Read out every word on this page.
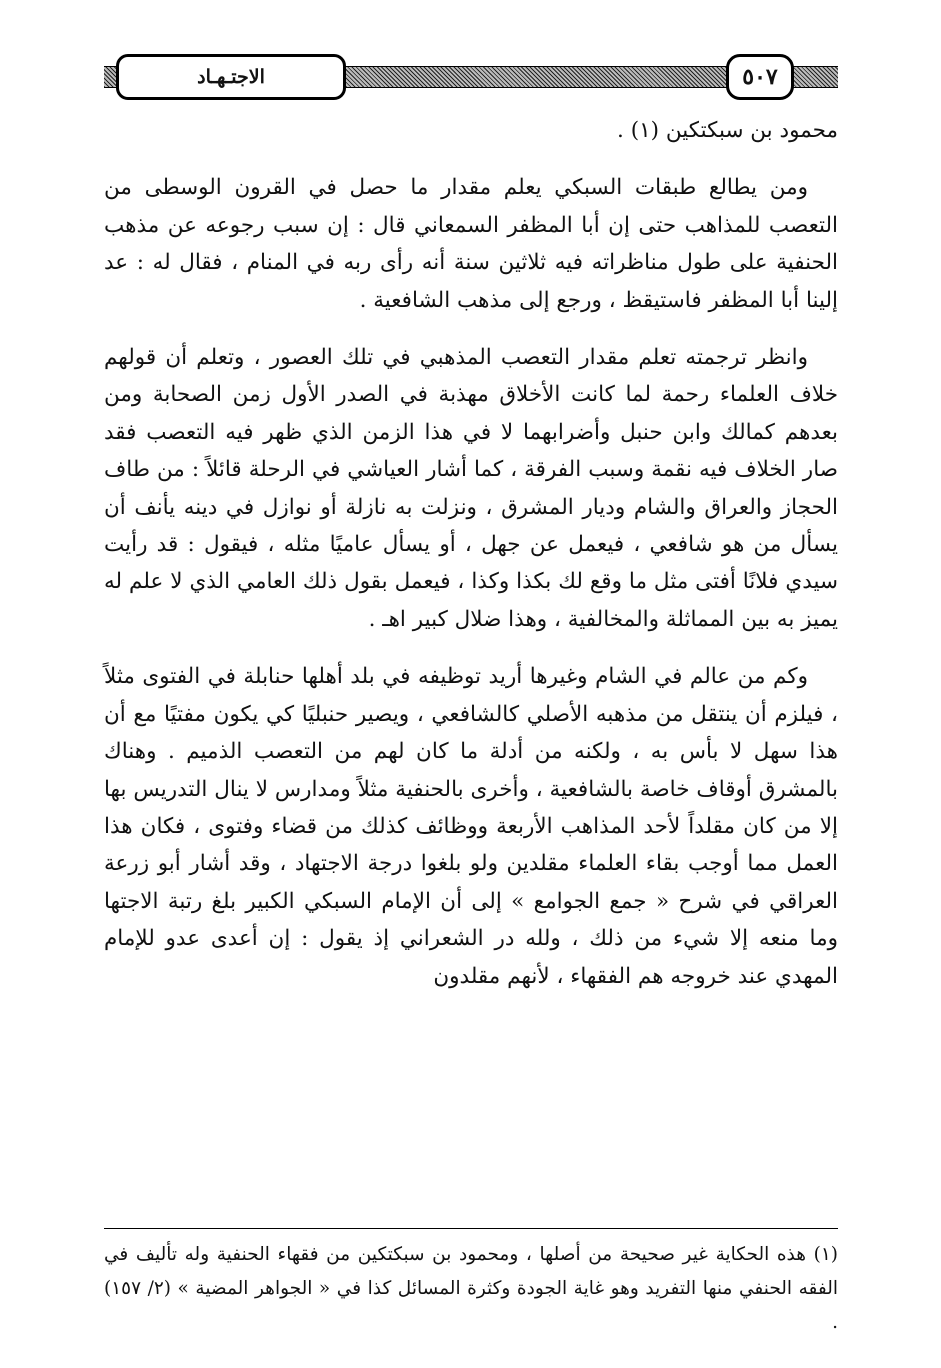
الاجتـهـاد	٥٠٧

محمود بن سبكتكين (١) .

ومن يطالع طبقات السبكي يعلم مقدار ما حصل في القرون الوسطى من التعصب للمذاهب حتى إن أبا المظفر السمعاني قال : إن سبب رجوعه عن مذهب الحنفية على طول مناظراته فيه ثلاثين سنة أنه رأى ربه في المنام ، فقال له : عد إلينا أبا المظفر فاستيقظ ، ورجع إلى مذهب الشافعية .

وانظر ترجمته تعلم مقدار التعصب المذهبي في تلك العصور ، وتعلم أن قولهم خلاف العلماء رحمة لما كانت الأخلاق مهذبة في الصدر الأول زمن الصحابة ومن بعدهم كمالك وابن حنبل وأضرابهما لا في هذا الزمن الذي ظهر فيه التعصب فقد صار الخلاف فيه نقمة وسبب الفرقة ، كما أشار العياشي في الرحلة قائلاً : من طاف الحجاز والعراق والشام وديار المشرق ، ونزلت به نازلة أو نوازل في دينه يأنف أن يسأل من هو شافعي ، فيعمل عن جهل ، أو يسأل عاميًا مثله ، فيقول : قد رأيت سيدي فلانًا أفتى مثل ما وقع لك بكذا وكذا ، فيعمل بقول ذلك العامي الذي لا علم له يميز به بين المماثلة والمخالفية ، وهذا ضلال كبير اهـ .

وكم من عالم في الشام وغيرها أريد توظيفه في بلد أهلها حنابلة في الفتوى مثلاً ، فيلزم أن ينتقل من مذهبه الأصلي كالشافعي ، ويصير حنبليًا كي يكون مفتيًا مع أن هذا سهل لا بأس به ، ولكنه من أدلة ما كان لهم من التعصب الذميم . وهناك بالمشرق أوقاف خاصة بالشافعية ، وأخرى بالحنفية مثلاً ومدارس لا ينال التدريس بها إلا من كان مقلداً لأحد المذاهب الأربعة ووظائف كذلك من قضاء وفتوى ، فكان هذا العمل مما أوجب بقاء العلماء مقلدين ولو بلغوا درجة الاجتهاد ، وقد أشار أبو زرعة العراقي في شرح « جمع الجوامع » إلى أن الإمام السبكي الكبير بلغ رتبة الاجتها وما منعه إلا شيء من ذلك ، ولله در الشعراني إذ يقول : إن أعدى عدو للإمام المهدي عند خروجه هم الفقهاء ، لأنهم مقلدون

(١) هذه الحكاية غير صحيحة من أصلها ، ومحمود بن سبكتكين من فقهاء الحنفية وله تأليف في الفقه الحنفي منها التفريد وهو غاية الجودة وكثرة المسائل كذا في « الجواهر المضية » (٢/ ١٥٧) .
